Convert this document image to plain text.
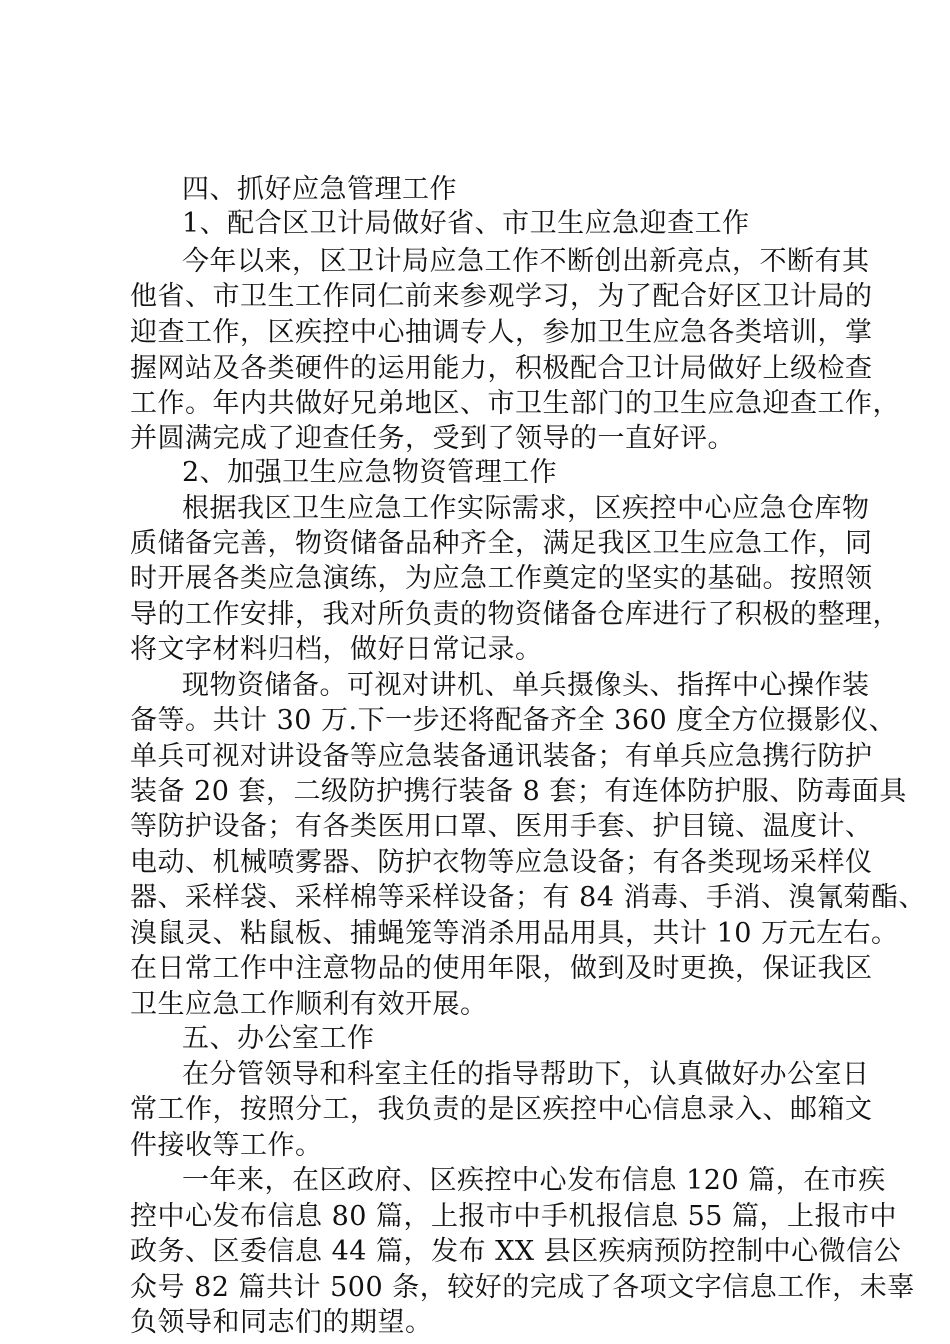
四、抓好应急管理工作
1、配合区卫计局做好省、市卫生应急迎查工作
今年以来，区卫计局应急工作不断创出新亮点，不断有其
他省、市卫生工作同仁前来参观学习，为了配合好区卫计局的
迎查工作，区疾控中心抽调专人，参加卫生应急各类培训，掌
握网站及各类硬件的运用能力，积极配合卫计局做好上级检查
工作。年内共做好兄弟地区、市卫生部门的卫生应急迎查工作，
并圆满完成了迎查任务，受到了领导的一直好评。
2、加强卫生应急物资管理工作
根据我区卫生应急工作实际需求，区疾控中心应急仓库物
质储备完善，物资储备品种齐全，满足我区卫生应急工作，同
时开展各类应急演练，为应急工作奠定的坚实的基础。按照领
导的工作安排，我对所负责的物资储备仓库进行了积极的整理，
将文字材料归档，做好日常记录。
现物资储备。可视对讲机、单兵摄像头、指挥中心操作装
备等。共计 30 万.下一步还将配备齐全 360 度全方位摄影仪、
单兵可视对讲设备等应急装备通讯装备；有单兵应急携行防护
装备 20 套，二级防护携行装备 8 套；有连体防护服、防毒面具
等防护设备；有各类医用口罩、医用手套、护目镜、温度计、
电动、机械喷雾器、防护衣物等应急设备；有各类现场采样仪
器、采样袋、采样棉等采样设备；有 84 消毒、手消、溴氰菊酯、
溴鼠灵、粘鼠板、捕蝇笼等消杀用品用具，共计 10 万元左右。
在日常工作中注意物品的使用年限，做到及时更换，保证我区
卫生应急工作顺利有效开展。
五、办公室工作
在分管领导和科室主任的指导帮助下，认真做好办公室日
常工作，按照分工，我负责的是区疾控中心信息录入、邮箱文
件接收等工作。
一年来，在区政府、区疾控中心发布信息 120 篇，在市疾
控中心发布信息 80 篇，上报市中手机报信息 55 篇，上报市中
政务、区委信息 44 篇，发布 XX 县区疾病预防控制中心微信公
众号 82 篇共计 500 条，较好的完成了各项文字信息工作，未辜
负领导和同志们的期望。
